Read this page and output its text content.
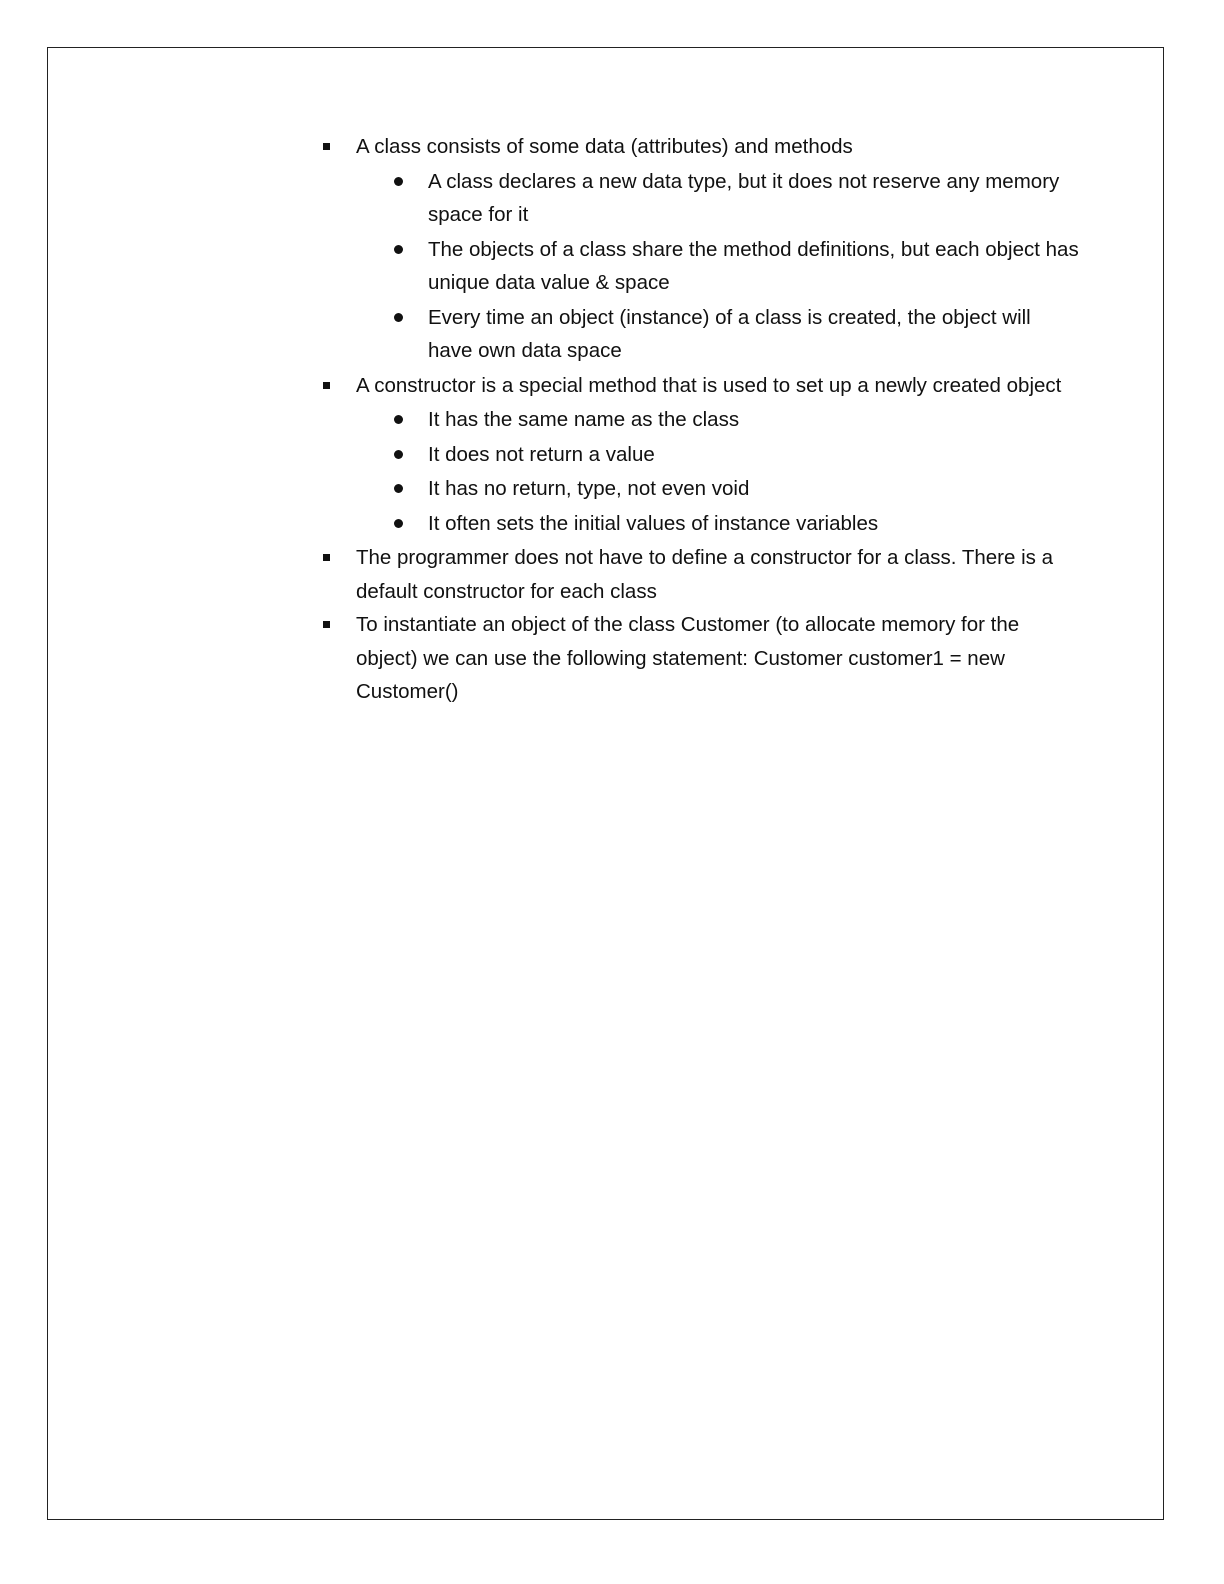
A class consists of some data (attributes) and methods
A class declares a new data type, but it does not reserve any memory space for it
The objects of a class share the method definitions, but each object has unique data value & space
Every time an object (instance) of a class is created, the object will have own data space
A constructor is a special method that is used to set up a newly created object
It has the same name as the class
It does not return a value
It has no return, type, not even void
It often sets the initial values of instance variables
The programmer does not have to define a constructor for a class. There is a default constructor for each class
To instantiate an object of the class Customer (to allocate memory for the object) we can use the following statement: Customer customer1 = new Customer()
